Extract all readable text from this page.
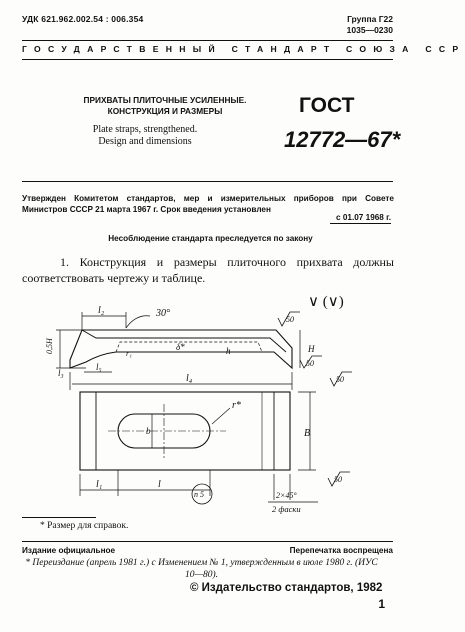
УДК 621.962.002.54 : 006.354	Группа Г22
1035—0230
ГОСУДАРСТВЕННЫЙ СТАНДАРТ СОЮЗА ССР
ПРИХВАТЫ ПЛИТОЧНЫЕ УСИЛЕННЫЕ.
КОНСТРУКЦИЯ И РАЗМЕРЫ
Plate straps, strengthened.
Design and dimensions
ГОСТ
12772—67*
Утвержден Комитетом стандартов, мер и измерительных приборов при Совете Министров СССР 21 марта 1967 г. Срок введения установлен
с 01.07 1968 г.
Несоблюдение стандарта преследуется по закону
1. Конструкция и размеры плиточного прихвата должны соответствовать чертежу и таблице.
∨ (∨)
30°
l₂
0,5H
l₃
r₁
δ*	h
l₅
l₄
H
r*
b	B
l₁	l
n 5	2×45°
2 фаски
50
50
50
50
* Размер для справок.
Издание официальное	Перепечатка воспрещена
* Переиздание (апрель 1981 г.) с Изменением № 1, утвержденным в июле 1980 г. (ИУС 10—80).
© Издательство стандартов, 1982
1
